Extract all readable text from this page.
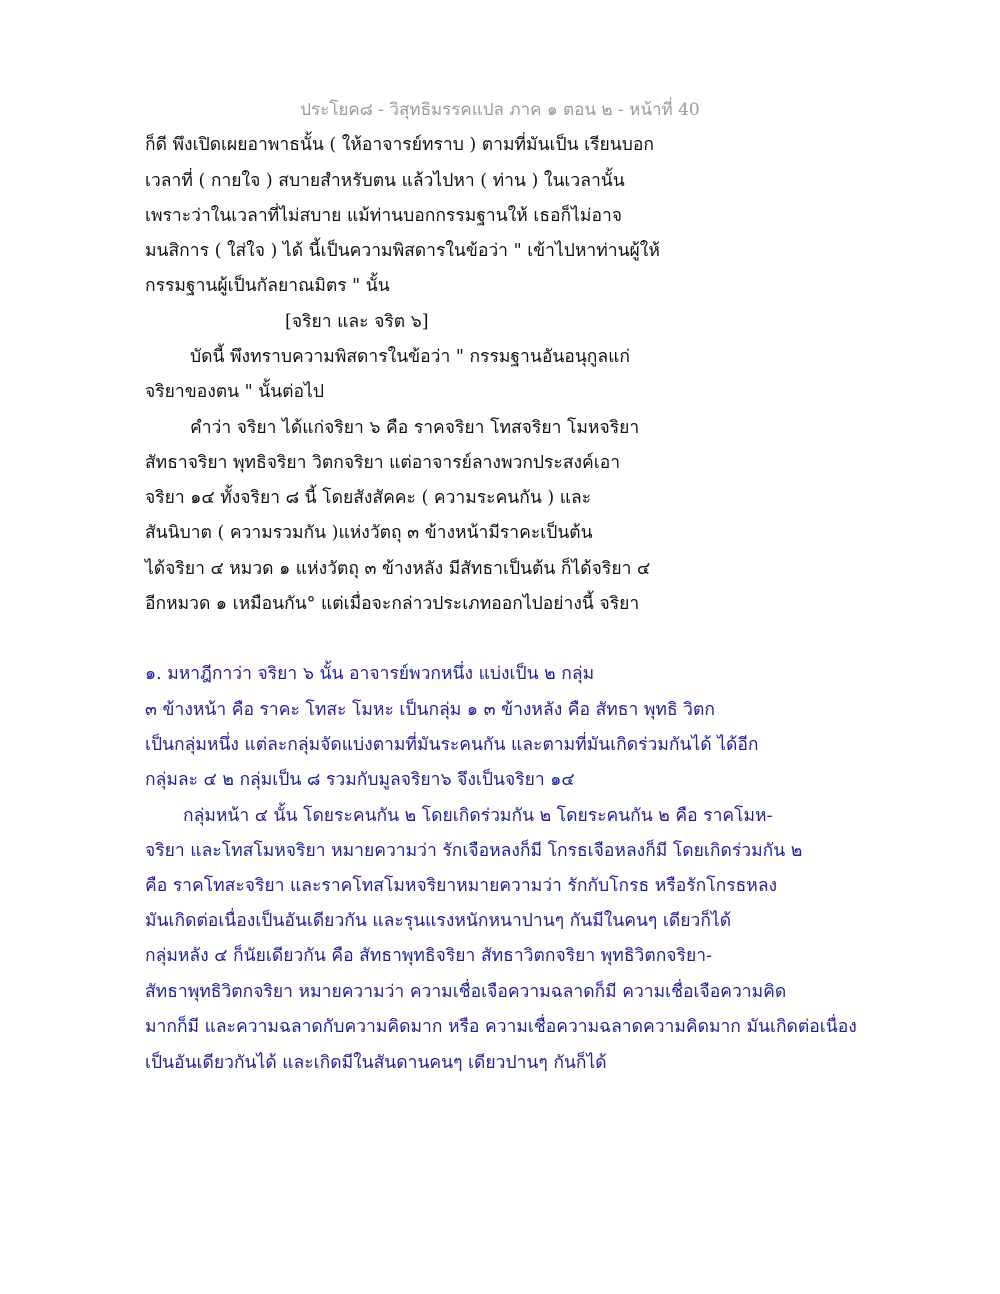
ประโยค๘ - วิสุทธิมรรคแปล ภาค ๑ ตอน ๒ - หน้าที่ 40
ก็ดี พึงเปิดเผยอาพาธนั้น ( ให้อาจารย์ทราบ ) ตามที่มันเป็น เรียนบอก
เวลาที่ ( กายใจ ) สบายสำหรับตน แล้วไปหา ( ท่าน ) ในเวลานั้น
เพราะว่าในเวลาที่ไม่สบาย แม้ท่านบอกกรรมฐานให้ เธอก็ไม่อาจ
มนสิการ ( ใส่ใจ ) ได้ นี้เป็นความพิสดารในข้อว่า " เข้าไปหาท่านผู้ให้
กรรมฐานผู้เป็นกัลยาณมิตร " นั้น
[จริยา และ จริต ๖]
บัดนี้ พึงทราบความพิสดารในข้อว่า " กรรมฐานอันอนุกูลแก่
จริยาของตน " นั้นต่อไป
คำว่า จริยา ได้แก่จริยา ๖ คือ ราคจริยา โทสจริยา โมหจริยา
สัทธาจริยา พุทธิจริยา วิตกจริยา แต่อาจารย์ลางพวกประสงค์เอา
จริยา ๑๔ ทั้งจริยา ๘ นี้ โดยสังสัคคะ ( ความระคนกัน ) และ
สันนิบาต ( ความรวมกัน )แห่งวัตถุ ๓ ข้างหน้ามีราคะเป็นต้น
ได้จริยา ๔ หมวด ๑ แห่งวัตถุ ๓ ข้างหลัง มีสัทธาเป็นต้น ก็ได้จริยา ๔
อีกหมวด ๑ เหมือนกัน° แต่เมื่อจะกล่าวประเภทออกไปอย่างนี้ จริยา
๑. มหาฎีกาว่า จริยา ๖ นั้น อาจารย์พวกหนึ่ง แบ่งเป็น ๒ กลุ่ม
๓ ข้างหน้า คือ ราคะ โทสะ โมหะ เป็นกลุ่ม ๑ ๓ ข้างหลัง คือ สัทธา พุทธิ วิตก
เป็นกลุ่มหนึ่ง แต่ละกลุ่มจัดแบ่งตามที่มันระคนกัน และตามที่มันเกิดร่วมกันได้ ได้อีก
กลุ่มละ ๔ ๒ กลุ่มเป็น ๘ รวมกับมูลจริยา๖ จึงเป็นจริยา ๑๔
กลุ่มหน้า ๔ นั้น โดยระคนกัน ๒ โดยเกิดร่วมกัน ๒ โดยระคนกัน ๒ คือ ราคโมห-
จริยา และโทสโมหจริยา หมายความว่า รักเจือหลงก็มี โกรธเจือหลงก็มี โดยเกิดร่วมกัน ๒
คือ ราคโทสะจริยา และราคโทสโมหจริยาหมายความว่า รักกับโกรธ หรือรักโกรธหลง
มันเกิดต่อเนื่องเป็นอันเดียวกัน และรุนแรงหนักหนาปานๆ กันมีในคนๆ เดียวก็ได้
กลุ่มหลัง ๔ ก็นัยเดียวกัน คือ สัทธาพุทธิจริยา สัทธาวิตกจริยา พุทธิวิตกจริยา-
สัทธาพุทธิวิตกจริยา หมายความว่า ความเชื่อเจือความฉลาดก็มี ความเชื่อเจือความคิด
มากก็มี และความฉลาดกับความคิดมาก หรือ ความเชื่อความฉลาดความคิดมาก มันเกิดต่อเนื่อง
เป็นอันเดียวกันได้ และเกิดมีในสันดานคนๆ เดียวปานๆ กันก็ได้
